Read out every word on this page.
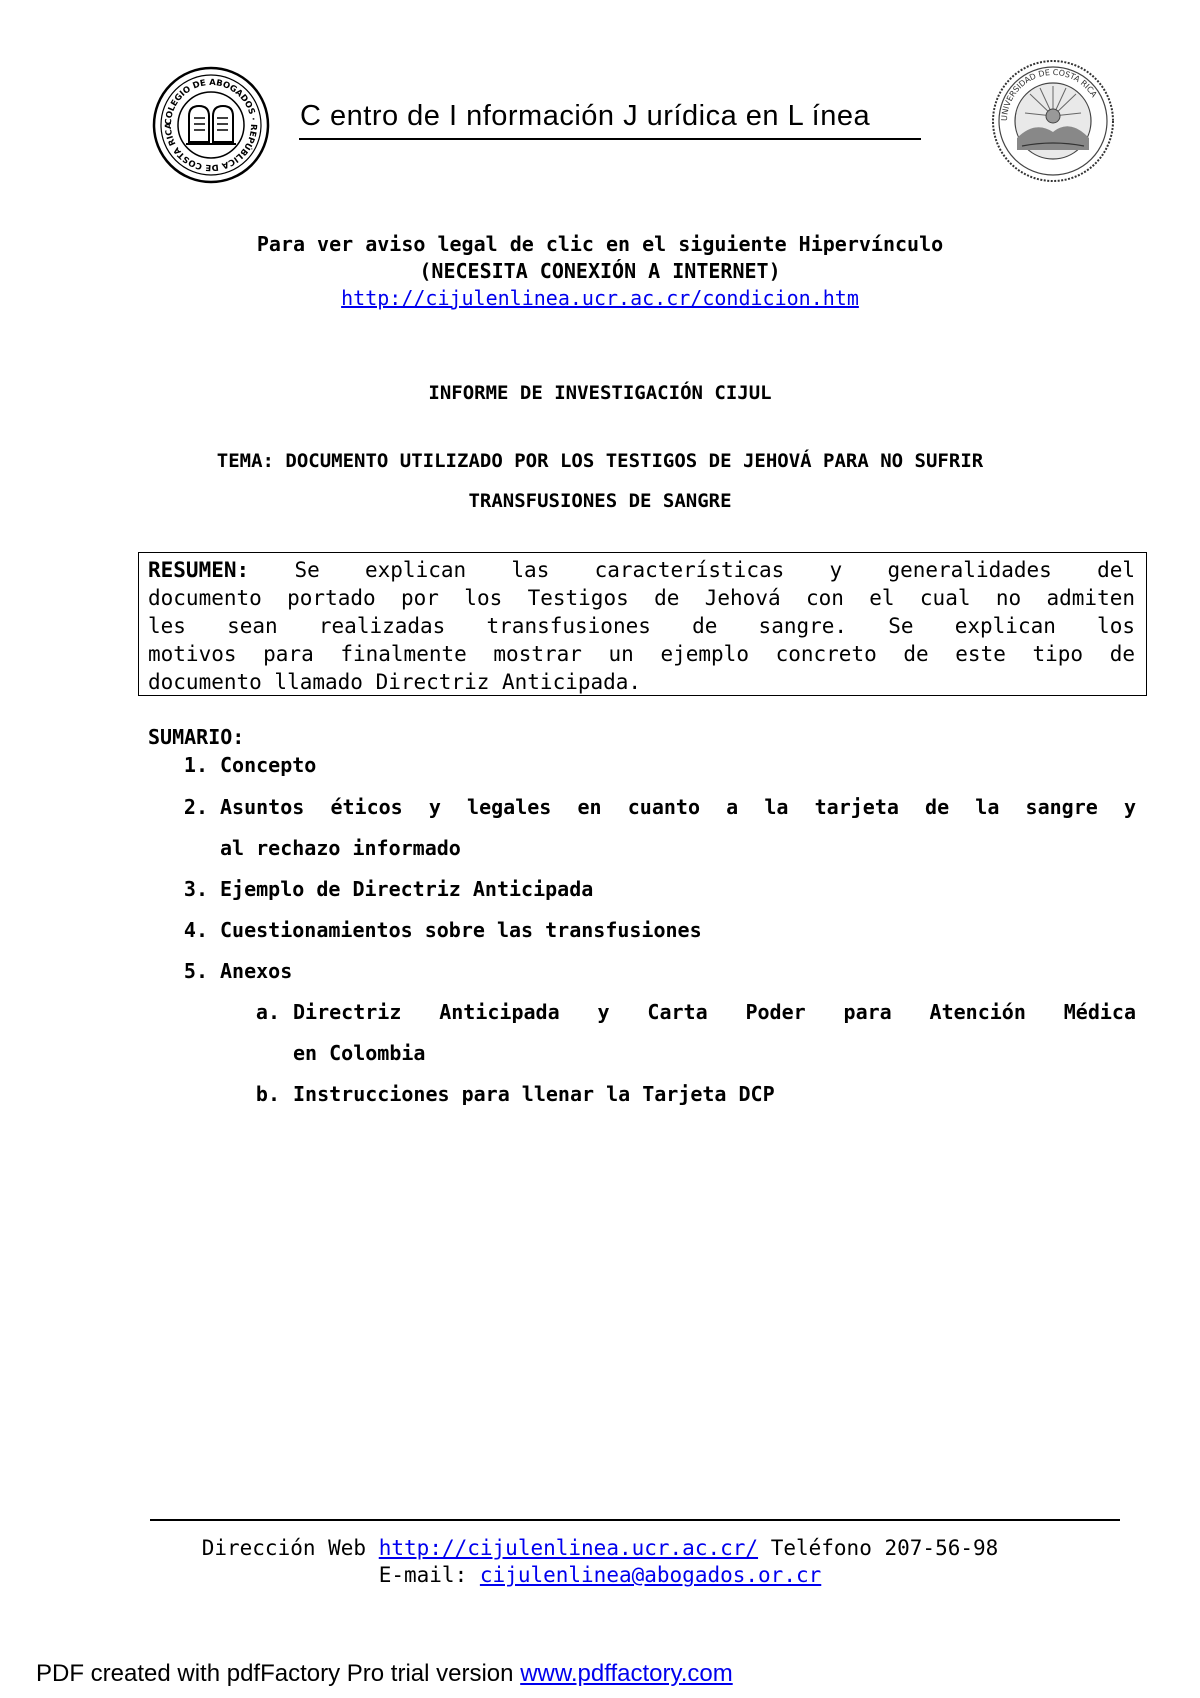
COLEGIO DE ABOGADOS · REPÚBLICA DE COSTA RICA	C entro de I nformación J urídica en L ínea	UNIVERSIDAD DE COSTA RICA
Para ver aviso legal de clic en el siguiente Hipervínculo
(NECESITA CONEXIÓN A INTERNET)
http://cijulenlinea.ucr.ac.cr/condicion.htm
INFORME DE INVESTIGACIÓN CIJUL
TEMA: DOCUMENTO UTILIZADO POR LOS TESTIGOS DE JEHOVÁ PARA NO SUFRIR
TRANSFUSIONES DE SANGRE
RESUMEN: Se explican las características y generalidades del
documento portado por los Testigos de Jehová con el cual no admiten
les sean realizadas transfusiones de sangre. Se explican los
motivos para finalmente mostrar un ejemplo concreto de este tipo de
documento llamado Directriz Anticipada.
SUMARIO:
1. Concepto
2. Asuntos éticos y legales en cuanto a la tarjeta de la sangre y
al rechazo informado
3. Ejemplo de Directriz Anticipada
4. Cuestionamientos sobre las transfusiones
5. Anexos
a. Directriz Anticipada y Carta Poder para Atención Médica
en Colombia
b. Instrucciones para llenar la Tarjeta DCP
Dirección Web http://cijulenlinea.ucr.ac.cr/ Teléfono 207-56-98
E-mail: cijulenlinea@abogados.or.cr
PDF created with pdfFactory Pro trial version www.pdffactory.com
